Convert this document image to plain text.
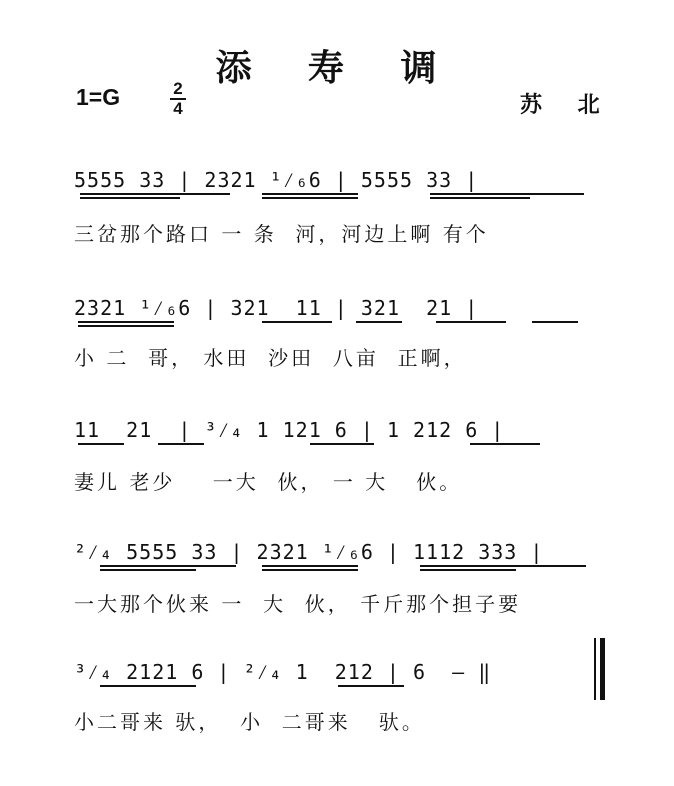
添 寿 调
1=G	2
4	苏 北
5555 33 | 2321 ¹⁄₆6 | 5555 33 |
三岔那个路口 一 条  河，河边上啊 有个
2321 ¹⁄₆6 | 321  11 | 321  21 |
小 二  哥， 水田  沙田  八亩  正啊，
11  21  | ³⁄₄ 1 121 6 | 1 212 6 |
妻儿 老少    一大  伙， 一 大   伙。
²⁄₄ 5555 33 | 2321 ¹⁄₆6 | 1112 333 |
一大那个伙来 一  大  伙， 千斤那个担子要
³⁄₄ 2121 6 | ²⁄₄ 1  212 | 6  — ‖
小二哥来 驮，  小  二哥来   驮。
